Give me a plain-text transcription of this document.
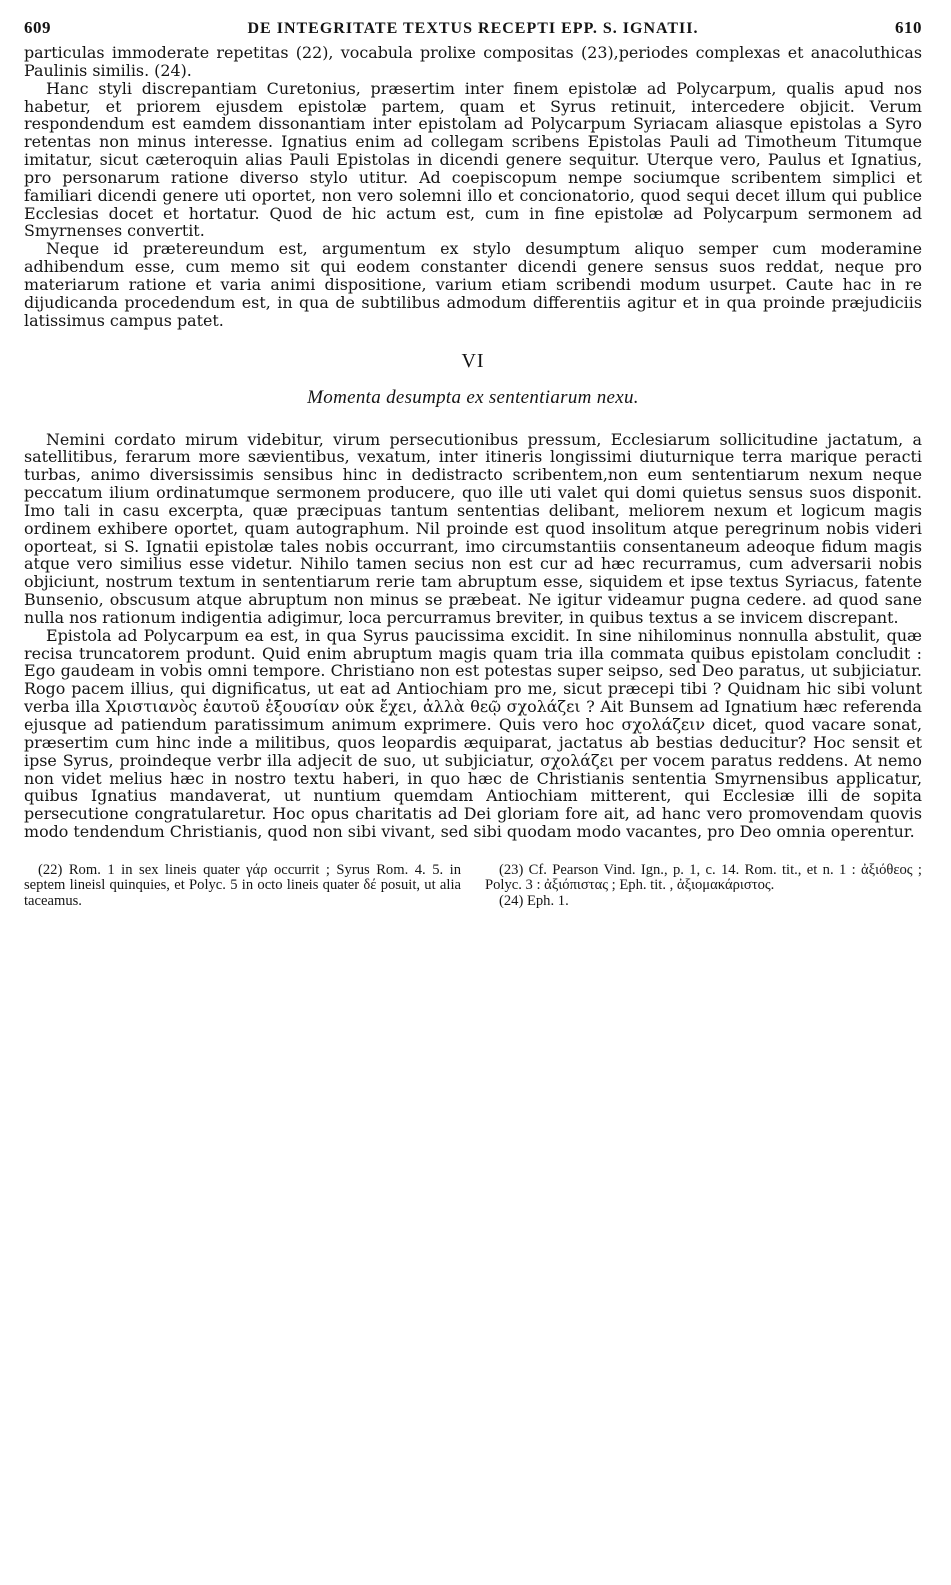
609	DE INTEGRITATE TEXTUS RECEPTI EPP. S. IGNATII.	610

particulas immoderate repetitas (22), vocabula prolixe compositas (23),periodes complexas et anacoluthicas Paulinis similis. (24).

Hanc styli discrepantiam Curetonius, præsertim inter finem epistolæ ad Polycarpum, qualis apud nos habetur, et priorem ejusdem epistolæ partem, quam et Syrus retinuit, intercedere objicit. Verum respondendum est eamdem dissonantiam inter epistolam ad Polycarpum Syriacam aliasque epistolas a Syro retentas non minus interesse. Ignatius enim ad collegam scribens Epistolas Pauli ad Timotheum Titumque imitatur, sicut cæteroquin alias Pauli Epistolas in dicendi genere sequitur. Uterque vero, Paulus et Ignatius, pro personarum ratione diverso stylo utitur. Ad coepiscopum nempe sociumque scribentem simplici et familiari dicendi genere uti oportet, non vero solemni illo et concionatorio, quod sequi decet illum qui publice Ecclesias docet et hortatur. Quod de hic actum est, cum in fine epistolæ ad Polycarpum sermonem ad Smyrnenses convertit.

Neque id prætereundum est, argumentum ex stylo desumptum aliquo semper cum moderamine adhibendum esse, cum memo sit qui eodem constanter dicendi genere sensus suos reddat, neque pro materiarum ratione et varia animi dispositione, varium etiam scribendi modum usurpet. Caute hac in re dijudicanda procedendum est, in qua de subtilibus admodum differentiis agitur et in qua proinde præjudiciis latissimus campus patet.

VI
Momenta desumpta ex sententiarum nexu.

Nemini cordato mirum videbitur, virum persecutionibus pressum, Ecclesiarum sollicitudine jactatum, a satellitibus, ferarum more sævientibus, vexatum, inter itineris longissimi diuturnique terra marique peracti turbas, animo diversissimis sensibus hinc in dedistracto scribentem,non eum sententiarum nexum neque peccatum ilium ordinatumque sermonem producere, quo ille uti valet qui domi quietus sensus suos disponit. Imo tali in casu excerpta, quæ præcipuas tantum sententias delibant, meliorem nexum et logicum magis ordinem exhibere oportet, quam autographum. Nil proinde est quod insolitum atque peregrinum nobis videri oporteat, si S. Ignatii epistolæ tales nobis occurrant, imo circumstantiis consentaneum adeoque fidum magis atque vero similius esse videtur. Nihilo tamen secius non est cur ad hæc recurramus, cum adversarii nobis objiciunt, nostrum textum in sententiarum rerie tam abruptum esse, siquidem et ipse textus Syriacus, fatente Bunsenio, obscusum atque abruptum non minus se præbeat. Ne igitur videamur pugna cedere. ad quod sane nulla nos rationum indigentia adigimur, loca percurramus breviter, in quibus textus a se invicem discrepant.

Epistola ad Polycarpum ea est, in qua Syrus paucissima excidit. In sine nihilominus nonnulla abstulit, quæ recisa truncatorem produnt. Quid enim abruptum magis quam tria illa commata quibus epistolam concludit : Ego gaudeam in vobis omni tempore. Christiano non est potestas super seipso, sed Deo paratus, ut subjiciatur. Rogo pacem illius, qui dignificatus, ut eat ad Antiochiam pro me, sicut præcepi tibi ? Quidnam hic sibi volunt verba illa Χριστιανὸς ἑαυτοῦ ἐξουσίαν οὐκ ἔχει, ἀλλὰ θεῷ σχολάζει ? Ait Bunsem ad Ignatium hæc referenda ejusque ad patiendum paratissimum animum exprimere. Quis vero hoc σχολάζειν dicet, quod vacare sonat, præsertim cum hinc inde a militibus, quos leopardis æquiparat, jactatus ab bestias deducitur? Hoc sensit et ipse Syrus, proindeque verbr illa adjecit de suo, ut subjiciatur, σχολάζει per vocem paratus reddens. At nemo non videt melius hæc in nostro textu haberi, in quo hæc de Christianis sententia Smyrnensibus applicatur, quibus Ignatius mandaverat, ut nuntium quemdam Antiochiam mitterent, qui Ecclesiæ illi de sopita persecutione congratularetur. Hoc opus charitatis ad Dei gloriam fore ait, ad hanc vero promovendam quovis modo tendendum Christianis, quod non sibi vivant, sed sibi quodam modo vacantes, pro Deo omnia operentur.

(22) Rom. 1 in sex lineis quater γάρ occurrit ; Syrus Rom. 4. 5. in septem lineisl quinquies, et Polyc. 5 in octo lineis quater δέ posuit, ut alia taceamus.

(23) Cf. Pearson Vind. Ign., p. 1, c. 14. Rom. tit., et n. 1 : ἀξιόθεος ; Polyc. 3 : ἀξιόπιστας ; Eph. tit. , ἀξιομακάριστος.

(24) Eph. 1.
